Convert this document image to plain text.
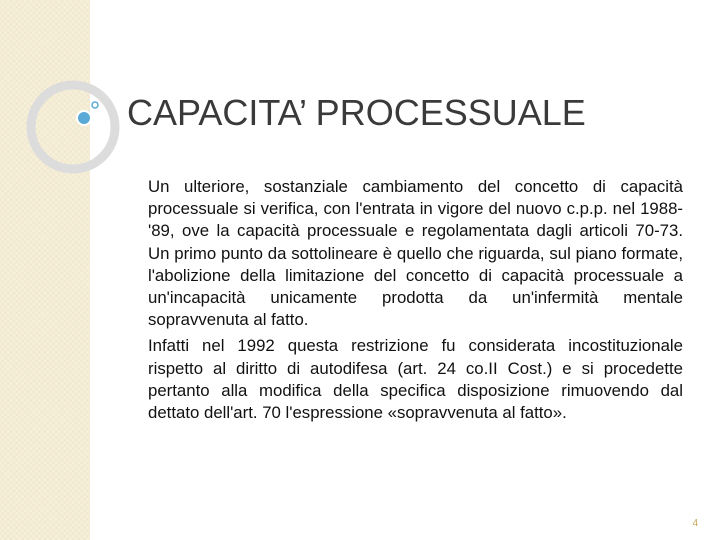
CAPACITA’ PROCESSUALE

Un ulteriore, sostanziale cambiamento del concetto di capacità processuale si verifica, con l'entrata in vigore del nuovo c.p.p. nel 1988-'89, ove la capacità processuale e regolamentata dagli articoli 70-73. Un primo punto da sottolineare è quello che riguarda, sul piano formate, l'abolizione della limitazione del concetto di capacità processuale a un'incapacità unicamente prodotta da un'infermità mentale sopravvenuta al fatto.

Infatti nel 1992 questa restrizione fu considerata incostituzionale rispetto al diritto di autodifesa (art. 24 co.II Cost.) e si procedette pertanto alla modifica della specifica disposizione rimuovendo dal dettato dell'art. 70 l'espressione «sopravvenuta al fatto».

4
